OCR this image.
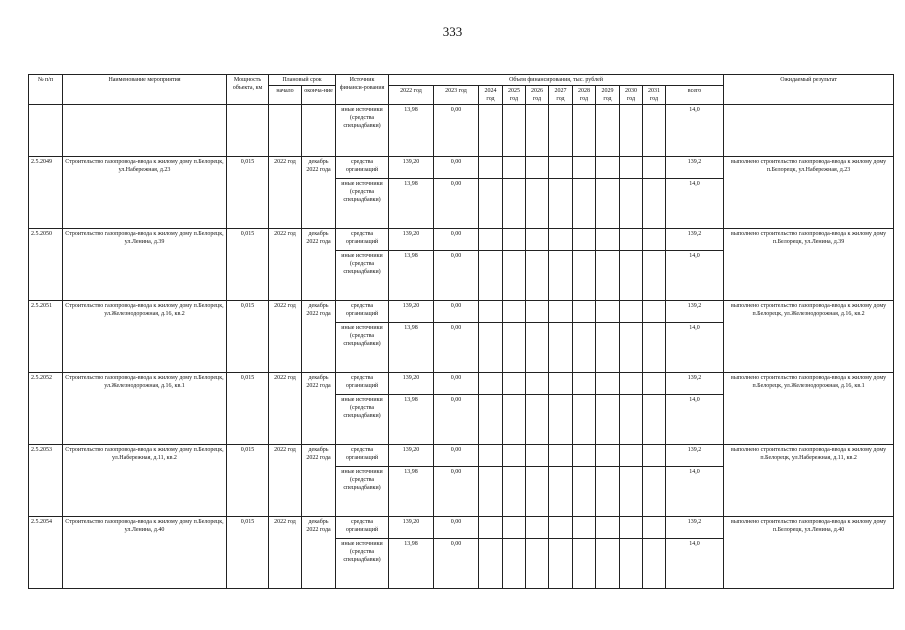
333
№ п/п	Наименование мероприятия	Мощность объекта, км	Плановый срок		Источник финанси-рования	Объем финансирования, тыс. рублей											Ожидаемый результат
			начало	оконча-ние		2022 год	2023 год	2024 год	2025 год	2026 год	2027 год	2028 год	2029 год	2030 год	2031 год	всего	
					иные источники (средства спецнадбавки)	13,98	0,00									14,0	
2.5.2049	Строительство газопровода-ввода к жилому дому п.Белорецк, ул.Набережная, д.23	0,015	2022 год	декабрь 2022 года	средства организаций	139,20	0,00									139,2	выполнено строительство газопровода-ввода к жилому дому п.Белорецк, ул.Набережная, д.23
					иные источники (средства спецнадбавки)	13,98	0,00									14,0	
2.5.2050	Строительство газопровода-ввода к жилому дому п.Белорецк, ул.Ленина, д.39	0,015	2022 год	декабрь 2022 года	средства организаций	139,20	0,00									139,2	выполнено строительство газопровода-ввода к жилому дому п.Белорецк, ул.Ленина, д.39
					иные источники (средства спецнадбавки)	13,98	0,00									14,0	
2.5.2051	Строительство газопровода-ввода к жилому дому п.Белорецк, ул.Железнодорожная, д.16, кв.2	0,015	2022 год	декабрь 2022 года	средства организаций	139,20	0,00									139,2	выполнено строительство газопровода-ввода к жилому дому п.Белорецк, ул.Железнодорожная, д.16, кв.2
					иные источники (средства спецнадбавки)	13,98	0,00									14,0	
2.5.2052	Строительство газопровода-ввода к жилому дому п.Белорецк, ул.Железнодорожная, д.16, кв.1	0,015	2022 год	декабрь 2022 года	средства организаций	139,20	0,00									139,2	выполнено строительство газопровода-ввода к жилому дому п.Белорецк, ул.Железнодорожная, д.16, кв.1
					иные источники (средства спецнадбавки)	13,98	0,00									14,0	
2.5.2053	Строительство газопровода-ввода к жилому дому п.Белорецк, ул.Набережная, д.11, кв.2	0,015	2022 год	декабрь 2022 года	средства организаций	139,20	0,00									139,2	выполнено строительство газопровода-ввода к жилому дому п.Белорецк, ул.Набережная, д.11, кв.2
					иные источники (средства спецнадбавки)	13,98	0,00									14,0	
2.5.2054	Строительство газопровода-ввода к жилому дому п.Белорецк, ул.Ленина, д.40	0,015	2022 год	декабрь 2022 года	средства организаций	139,20	0,00									139,2	выполнено строительство газопровода-ввода к жилому дому п.Белорецк, ул.Ленина, д.40
					иные источники (средства спецнадбавки)	13,98	0,00									14,0	
